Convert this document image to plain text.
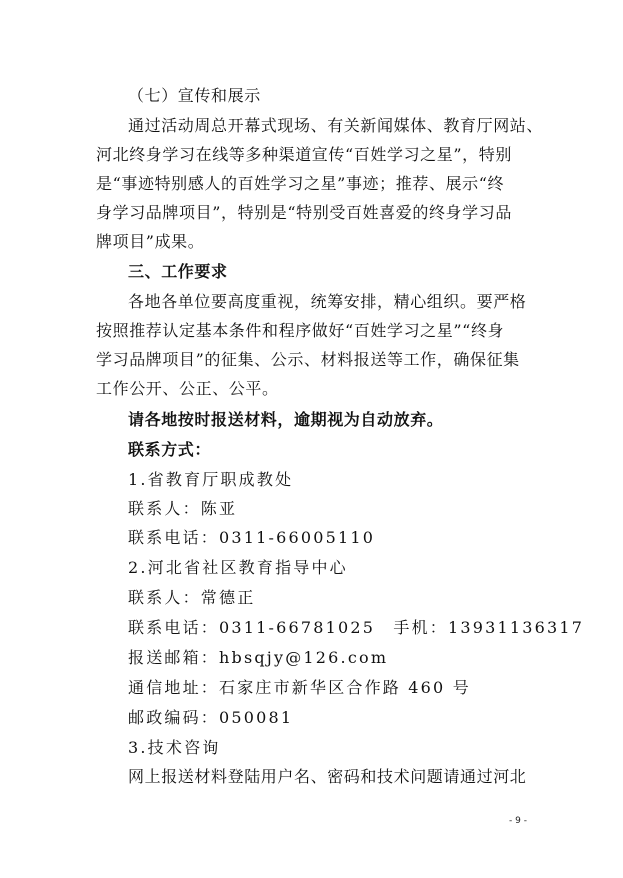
（七）宣传和展示
通过活动周总开幕式现场、有关新闻媒体、教育厅网站、
河北终身学习在线等多种渠道宣传“百姓学习之星”，特别
是“事迹特别感人的百姓学习之星”事迹；推荐、展示“终
身学习品牌项目”，特别是“特别受百姓喜爱的终身学习品
牌项目”成果。
三、工作要求
各地各单位要高度重视，统筹安排，精心组织。要严格
按照推荐认定基本条件和程序做好“百姓学习之星”“终身
学习品牌项目”的征集、公示、材料报送等工作，确保征集
工作公开、公正、公平。
请各地按时报送材料，逾期视为自动放弃。
联系方式：
1.省教育厅职成教处
联系人：陈亚
联系电话：0311-66005110
2.河北省社区教育指导中心
联系人：常德正
联系电话：0311-66781025　手机：13931136317
报送邮箱：hbsqjy@126.com
通信地址：石家庄市新华区合作路 460 号
邮政编码：050081
3.技术咨询
网上报送材料登陆用户名、密码和技术问题请通过河北
- 9 -
